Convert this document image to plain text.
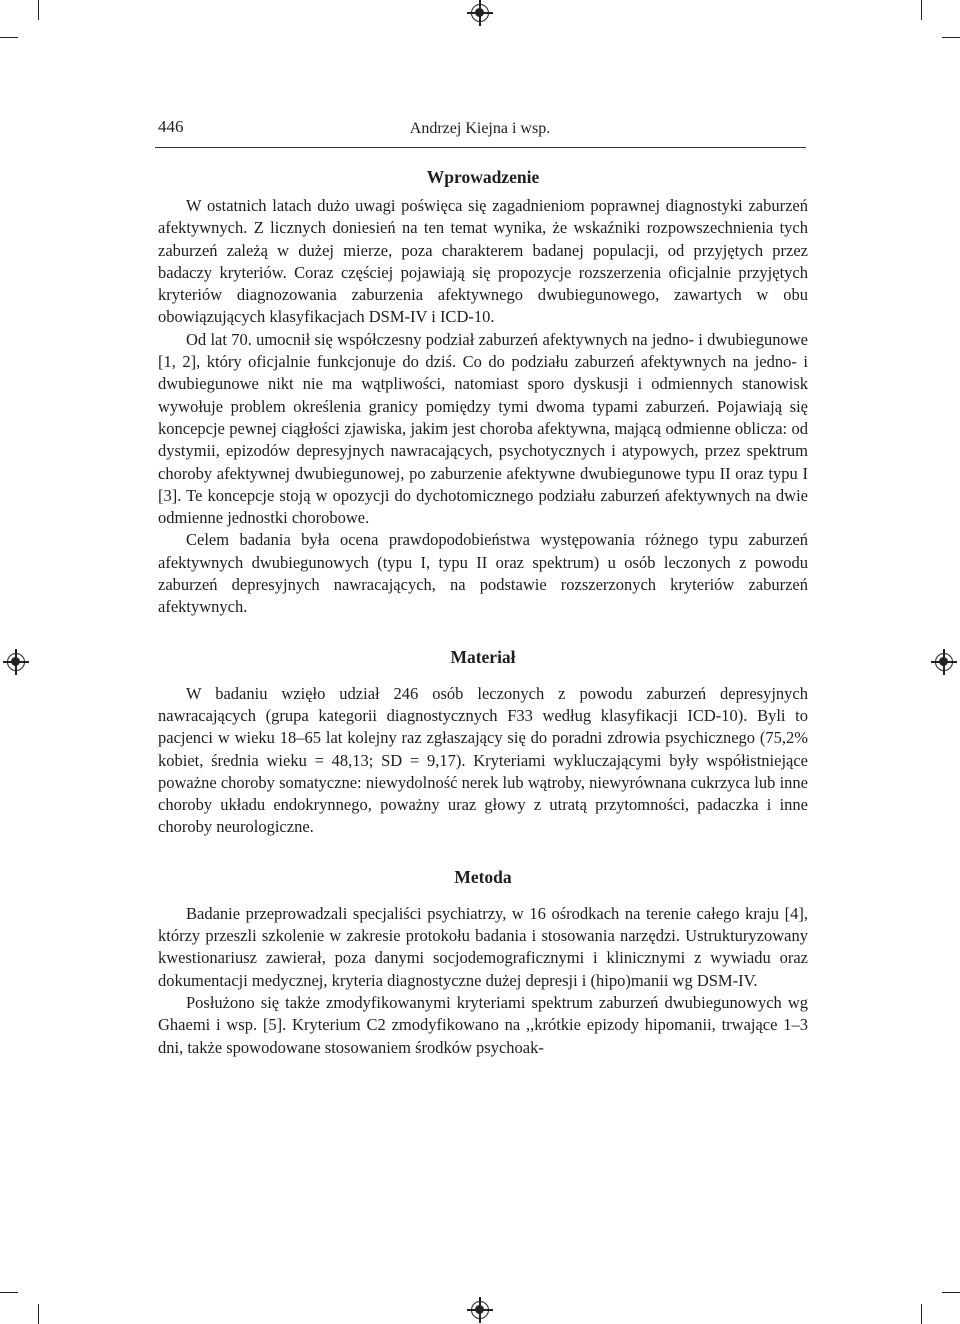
446	Andrzej Kiejna i wsp.
Wprowadzenie

W ostatnich latach dużo uwagi poświęca się zagadnieniom poprawnej diagnostyki zaburzeń afektywnych. Z licznych doniesień na ten temat wynika, że wskaźniki rozpowszechnienia tych zaburzeń zależą w dużej mierze, poza charakterem badanej populacji, od przyjętych przez badaczy kryteriów. Coraz częściej pojawiają się propozycje rozszerzenia oficjalnie przyjętych kryteriów diagnozowania zaburzenia afektywnego dwubiegunowego, zawartych w obu obowiązujących klasyfikacjach DSM-IV i ICD-10.

Od lat 70. umocnił się współczesny podział zaburzeń afektywnych na jedno- i dwubiegunowe [1, 2], który oficjalnie funkcjonuje do dziś. Co do podziału zaburzeń afektywnych na jedno- i dwubiegunowe nikt nie ma wątpliwości, natomiast sporo dyskusji i odmiennych stanowisk wywołuje problem określenia granicy pomiędzy tymi dwoma typami zaburzeń. Pojawiają się koncepcje pewnej ciągłości zjawiska, jakim jest choroba afektywna, mającą odmienne oblicza: od dystymii, epizodów depresyjnych nawracających, psychotycznych i atypowych, przez spektrum choroby afektywnej dwubiegunowej, po zaburzenie afektywne dwubiegunowe typu II oraz typu I [3]. Te koncepcje stoją w opozycji do dychotomicznego podziału zaburzeń afektywnych na dwie odmienne jednostki chorobowe.

Celem badania była ocena prawdopodobieństwa występowania różnego typu zaburzeń afektywnych dwubiegunowych (typu I, typu II oraz spektrum) u osób leczonych z powodu zaburzeń depresyjnych nawracających, na podstawie rozszerzonych kryteriów zaburzeń afektywnych.

Materiał

W badaniu wzięło udział 246 osób leczonych z powodu zaburzeń depresyjnych nawracających (grupa kategorii diagnostycznych F33 według klasyfikacji ICD-10). Byli to pacjenci w wieku 18–65 lat kolejny raz zgłaszający się do poradni zdrowia psychicznego (75,2% kobiet, średnia wieku = 48,13; SD = 9,17). Kryteriami wykluczającymi były współistniejące poważne choroby somatyczne: niewydolność nerek lub wątroby, niewyrównana cukrzyca lub inne choroby układu endokrynnego, poważny uraz głowy z utratą przytomności, padaczka i inne choroby neurologiczne.

Metoda

Badanie przeprowadzali specjaliści psychiatrzy, w 16 ośrodkach na terenie całego kraju [4], którzy przeszli szkolenie w zakresie protokołu badania i stosowania narzędzi. Ustrukturyzowany kwestionariusz zawierał, poza danymi socjodemograficznymi i klinicznymi z wywiadu oraz dokumentacji medycznej, kryteria diagnostyczne dużej depresji i (hipo)manii wg DSM-IV.

Posłużono się także zmodyfikowanymi kryteriami spektrum zaburzeń dwubiegunowych wg Ghaemi i wsp. [5]. Kryterium C2 zmodyfikowano na ,,krótkie epizody hipomanii, trwające 1–3 dni, także spowodowane stosowaniem środków psychoak-
